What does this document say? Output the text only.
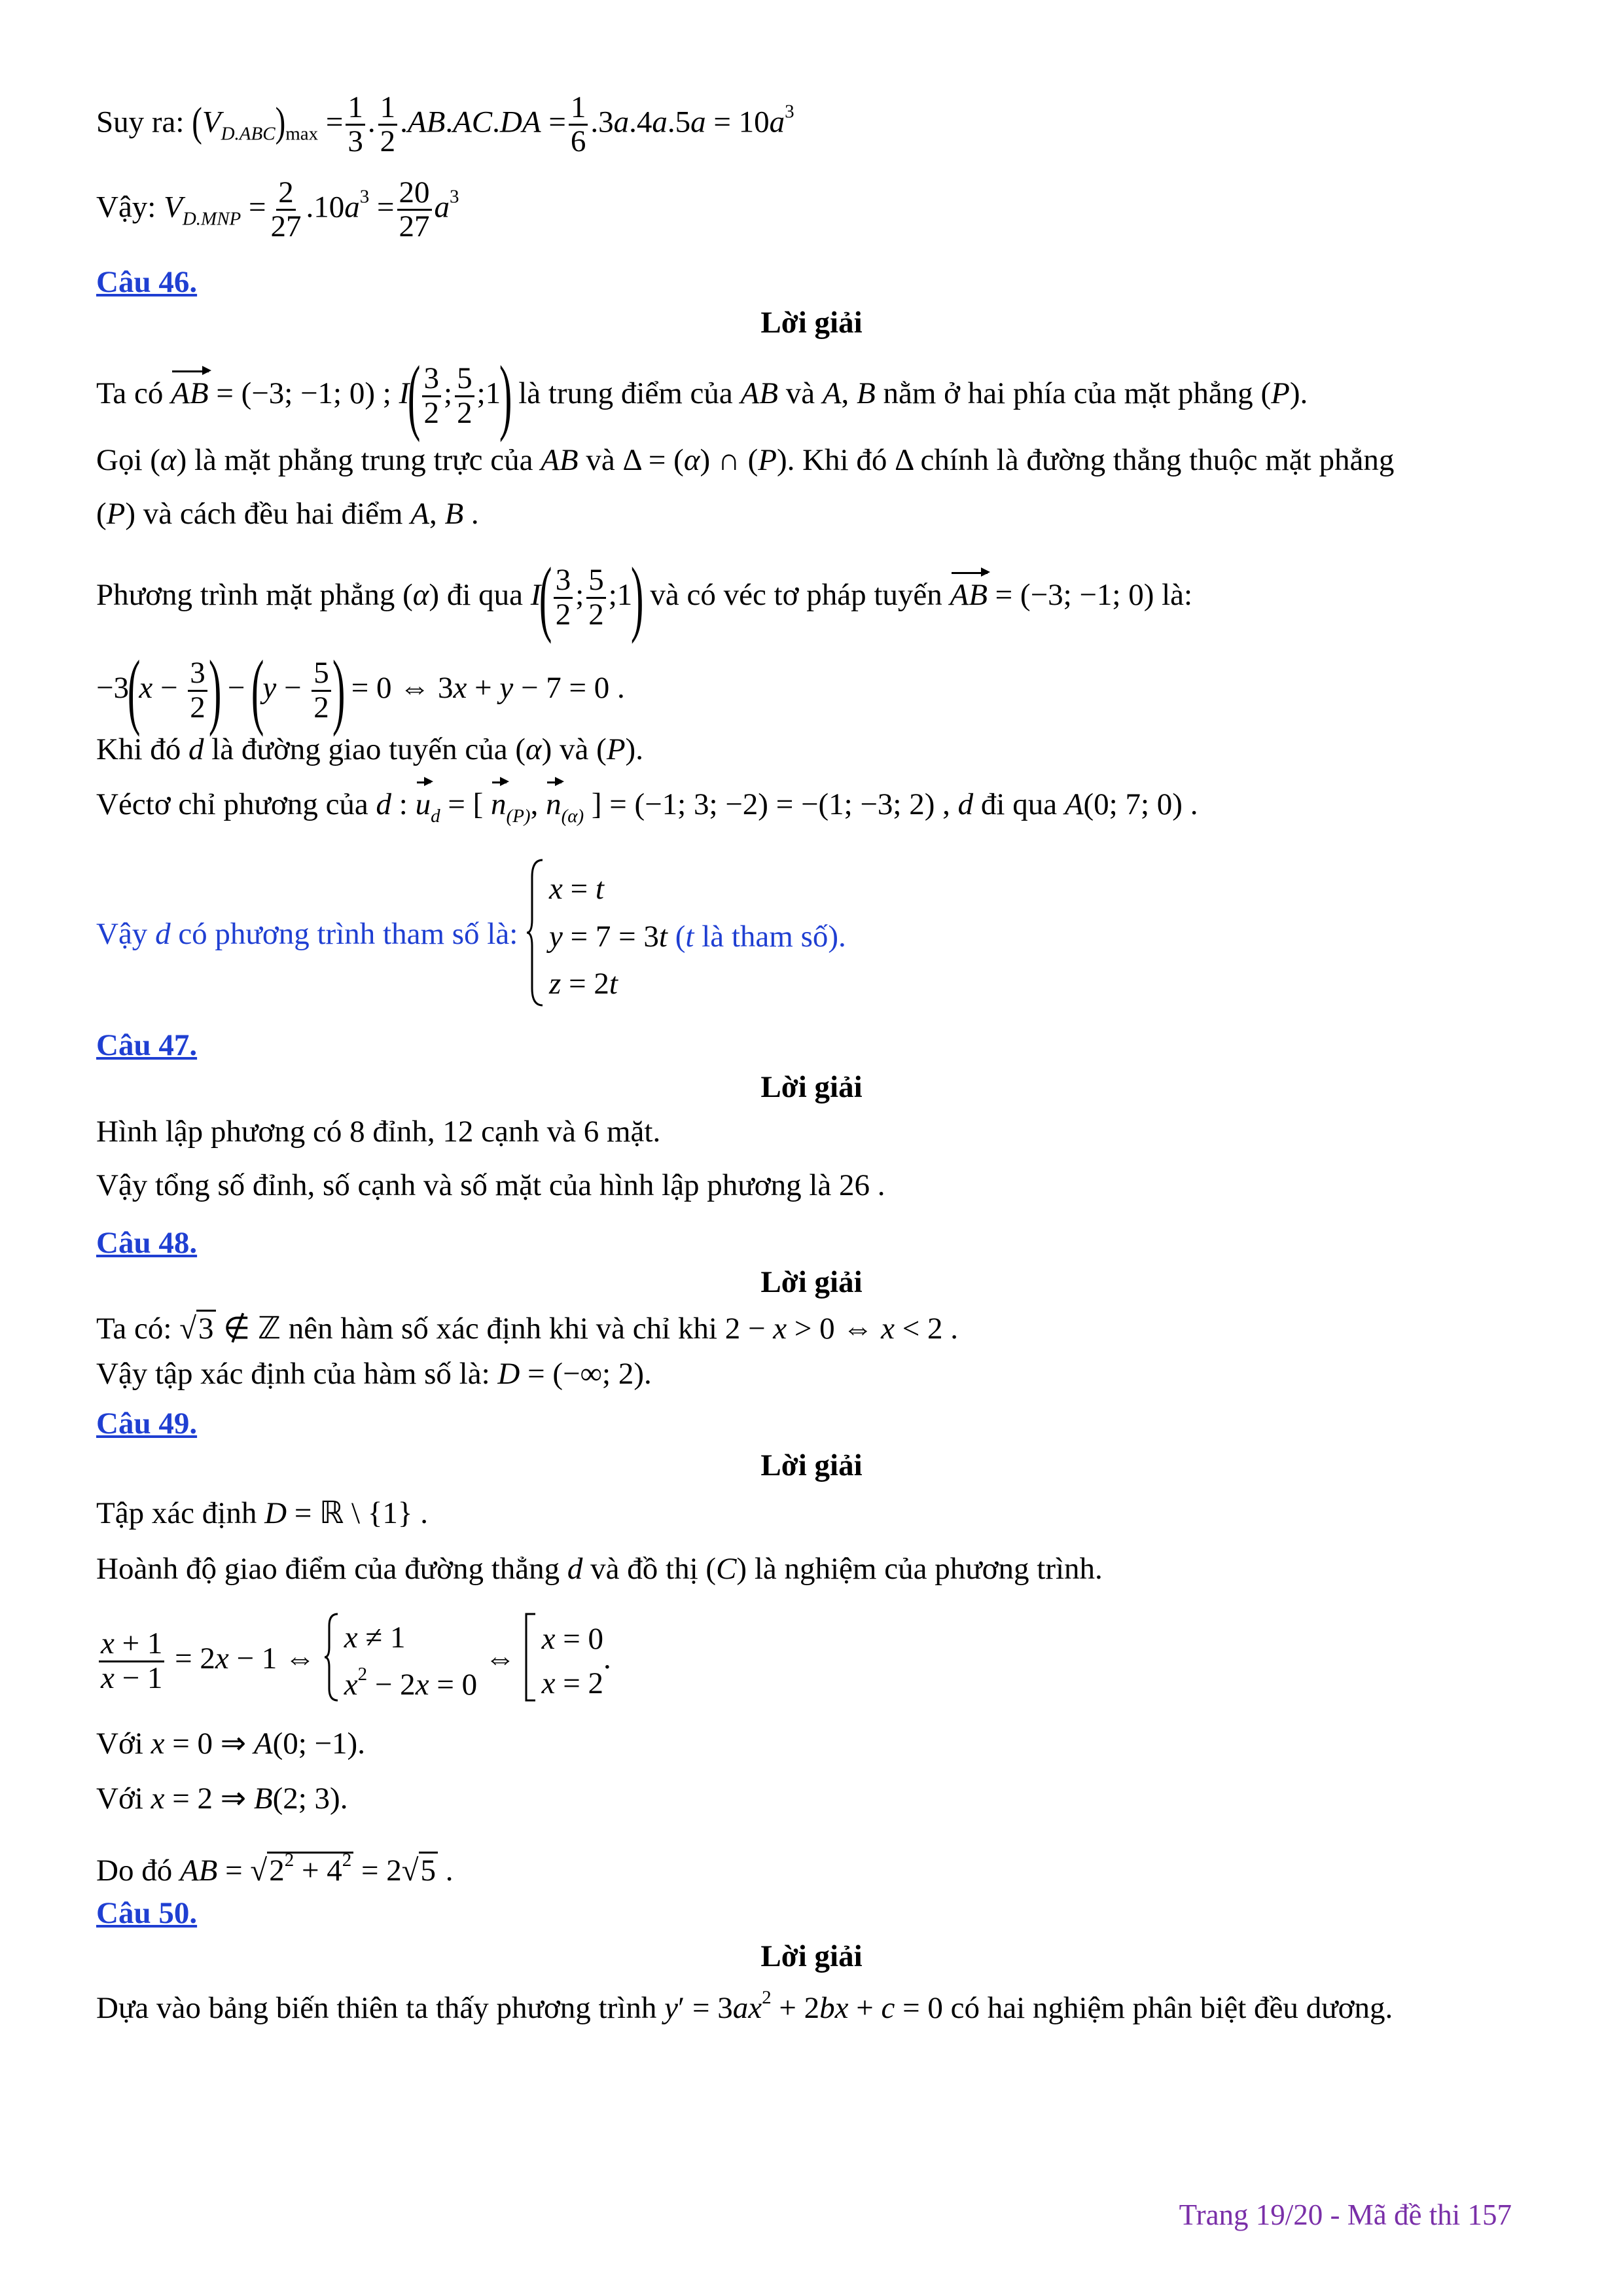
Suy ra: $(V_{D.ABC})_{max} = \frac{1}{3}$ . $\frac{1}{2} .AB.AC.DA = \frac{1}{6} .3a.4a.5a = 10a^3$
Vậy: $V_{D.MNP} = \frac{2}{27} .10a^3 = \frac{20}{27} a^3$
Câu 46.
Lời giải
Ta có AB = (−3; −1; 0) ; $I( \frac{3}{2}$ ; $\frac{5}{2}$ ;1) là trung điểm của AB và A, B nằm ở hai phía của mặt phẳng (P).
Gọi (α) là mặt phẳng trung trực của AB và Δ = (α) ∩ (P). Khi đó Δ chính là đường thẳng thuộc mặt phẳng
(P) và cách đều hai điểm A, B .
Phương trình mặt phẳng (α) đi qua $I( \frac{3}{2}$ ; $\frac{5}{2}$ ;1) và có véc tơ pháp tuyến AB = (−3; −1; 0) là:
$-3(x - \frac{3}{2}$ ) − ($y - \frac{5}{2}$ ) = 0 ⇔ 3x + y − 7 = 0 .
Khi đó d là đường giao tuyến của (α) và (P).
Véctơ chỉ phương của d : $u_d$ = [ $n_{(P)}$, $n_{(\alpha)}$ ] = (−1; 3; −2) = −(1; −3; 2) , d đi qua A(0; 7; 0) .
Vậy d có phương trình tham số là:
x = t
y = 7 = 3t (t là tham số).
z = 2t
Câu 47.
Lời giải
Hình lập phương có 8 đỉnh, 12 cạnh và 6 mặt.
Vậy tổng số đỉnh, số cạnh và số mặt của hình lập phương là 26 .
Câu 48.
Lời giải
Ta có: √3 ∉ ℤ nên hàm số xác định khi và chỉ khi 2 − x > 0 ⇔ x < 2 .
Vậy tập xác định của hàm số là: D = (−∞; 2).
Câu 49.
Lời giải
Tập xác định D = ℝ \ {1} .
Hoành độ giao điểm của đường thẳng d và đồ thị (C) là nghiệm của phương trình.
$\frac{x + 1}{x - 1} = 2x - 1$ ⇔
x ≠ 1
$x^2 - 2x = 0$
⇔
x = 0
x = 2
.
Với x = 0 ⇒ A(0; −1).
Với x = 2 ⇒ B(2; 3).
Do đó AB = $√2^2 + 4^2 = 2√5$ .
Câu 50.
Lời giải
Dựa vào bảng biến thiên ta thấy phương trình $y' = 3ax^2 + 2bx + c = 0$ có hai nghiệm phân biệt đều dương.
Trang 19/20 - Mã đề thi 157
